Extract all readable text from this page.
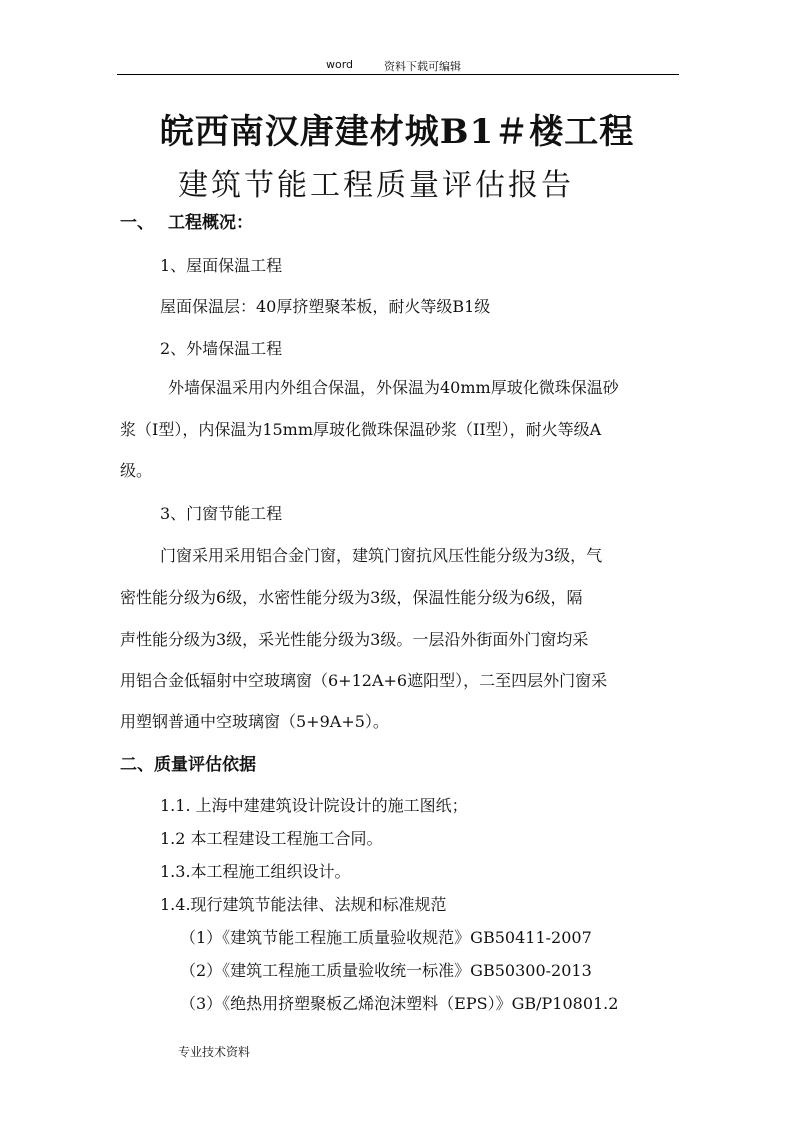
word	资料下载可编辑
皖西南汉唐建材城B1＃楼工程
建筑节能工程质量评估报告
一、 工程概况：
1、屋面保温工程
屋面保温层：40厚挤塑聚苯板，耐火等级B1级
2、外墙保温工程
外墙保温采用内外组合保温，外保温为40mm厚玻化微珠保温砂
浆（I型），内保温为15mm厚玻化微珠保温砂浆（II型），耐火等级A
级。
3、门窗节能工程
门窗采用采用铝合金门窗，建筑门窗抗风压性能分级为3级，气
密性能分级为6级，水密性能分级为3级，保温性能分级为6级，隔
声性能分级为3级，采光性能分级为3级。一层沿外街面外门窗均采
用铝合金低辐射中空玻璃窗（6+12A+6遮阳型），二至四层外门窗采
用塑钢普通中空玻璃窗（5+9A+5）。
二、质量评估依据
1.1. 上海中建建筑设计院设计的施工图纸；
1.2 本工程建设工程施工合同。
1.3.本工程施工组织设计。
1.4.现行建筑节能法律、法规和标准规范
（1）《建筑节能工程施工质量验收规范》GB50411-2007
（2）《建筑工程施工质量验收统一标准》GB50300-2013
（3）《绝热用挤塑聚板乙烯泡沫塑料（EPS）》GB/P10801.2
专业技术资料
